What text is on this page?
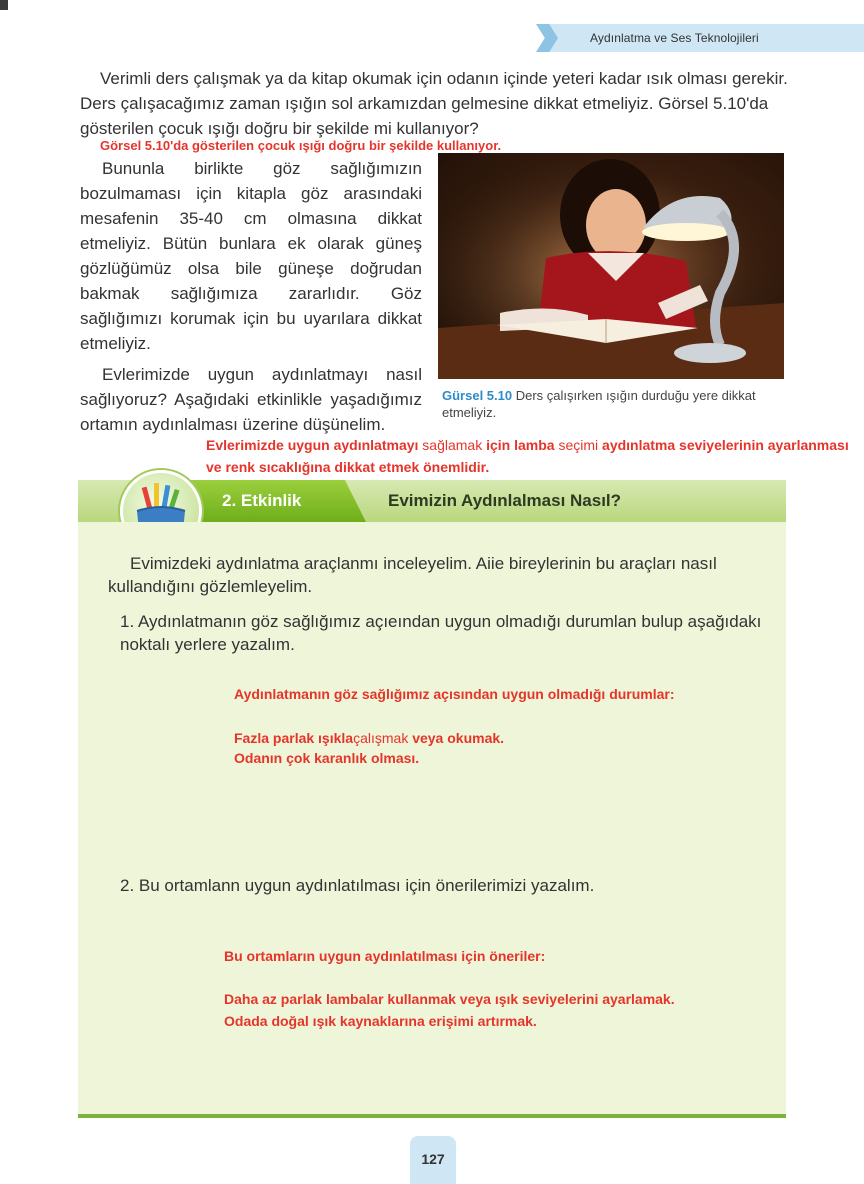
Aydınlatma ve Ses Teknolojileri

Verimli ders çalışmak ya da kitap okumak için odanın içinde yeteri kadar ısık olması gerekir. Ders çalışacağımız zaman ışığın sol arkamızdan gelmesine dikkat etmeliyiz. Görsel 5.10'da gösterilen çocuk ışığı doğru bir şekilde mi kullanıyor?

Görsel 5.10'da gösterilen çocuk ışığı doğru bir şekilde kullanıyor.

Bununla birlikte göz sağlığımızın bozulmaması için kitapla göz arasındaki mesafenin 35-40 cm olmasına dikkat etmeliyiz. Bütün bunlara ek olarak güneş gözlüğümüz olsa bile güneşe doğrudan bakmak sağlığımıza zararlıdır. Göz sağlığımızı korumak için bu uyarılara dikkat etmeliyiz.

Evlerimizde uygun aydınlatmayı nasıl sağlıyoruz? Aşağıdaki etkinlikle yaşadığımız ortamın aydınlalması üzerine düşünelim.

Gürsel 5.10 Ders çalışırken ışığın durduğu yere dikkat etmeliyiz.
Evlerimizde uygun aydınlatmayı sağlamak için lamba seçimi aydınlatma seviyelerinin ayarlanması ve renk sıcaklığına dikkat etmek önemlidir.
2. Etkinlik	Evimizin Aydınlalması Nasıl?

Evimizdeki aydınlatma araçlanmı inceleyelim. Aiie bireylerinin bu araçları nasıl kullandığını gözlemleyelim.

1. Aydınlatmanın göz sağlığımız açıeından uygun olmadığı durumlan bulup aşağıdakı noktalı yerlere yazalım.

Aydınlatmanın göz sağlığımız açısından uygun olmadığı durumlar:
Fazla parlak ışıklaçalışmak veya okumak.
Odanın çok karanlık olması.

2. Bu ortamlann uygun aydınlatılması için önerilerimizi yazalım.

Bu ortamların uygun aydınlatılması için öneriler:
Daha az parlak lambalar kullanmak veya ışık seviyelerini ayarlamak.
Odada doğal ışık kaynaklarına erişimi artırmak.
127
